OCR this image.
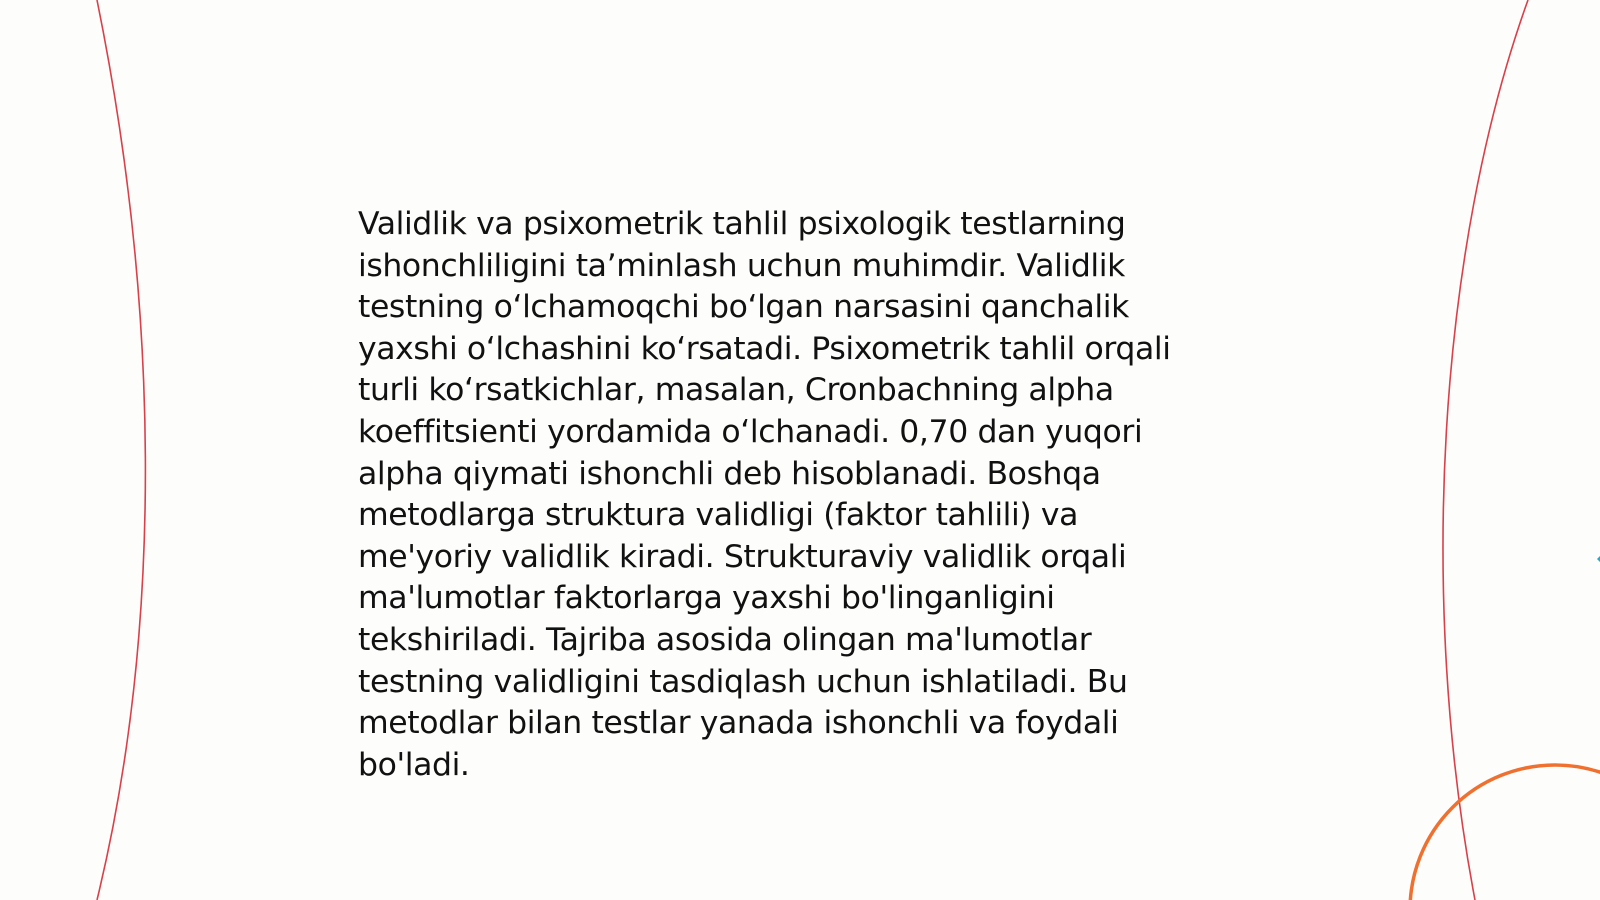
Validlik va psixometrik tahlil psixologik testlarning
ishonchliligini ta’minlash uchun muhimdir. Validlik
testning o‘lchamoqchi bo‘lgan narsasini qanchalik
yaxshi o‘lchashini ko‘rsatadi. Psixometrik tahlil orqali
turli ko‘rsatkichlar, masalan, Cronbachning alpha
koeffitsienti yordamida o‘lchanadi. 0,70 dan yuqori
alpha qiymati ishonchli deb hisoblanadi. Boshqa
metodlarga struktura validligi (faktor tahlili) va
me'yoriy validlik kiradi. Strukturaviy validlik orqali
ma'lumotlar faktorlarga yaxshi bo'linganligini
tekshiriladi. Tajriba asosida olingan ma'lumotlar
testning validligini tasdiqlash uchun ishlatiladi. Bu
metodlar bilan testlar yanada ishonchli va foydali
bo'ladi.
